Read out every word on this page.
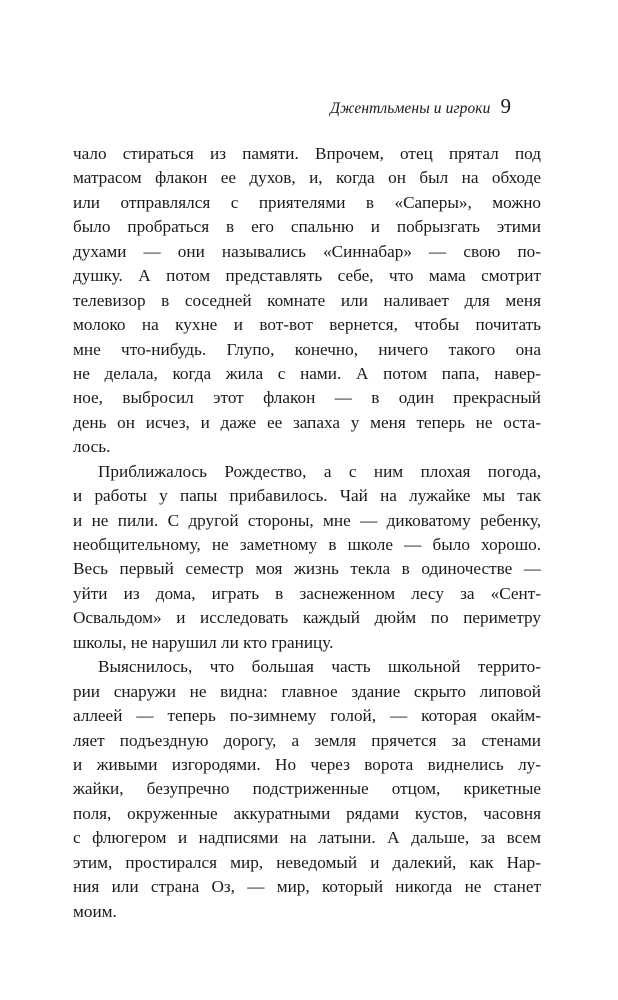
Джентльмены и игроки 9
чало стираться из памяти. Впрочем, отец прятал под
матрасом флакон ее духов, и, когда он был на обходе
или отправлялся с приятелями в «Саперы», можно
было пробраться в его спальню и побрызгать этими
духами — они назывались «Синнабар» — свою по-
душку. А потом представлять себе, что мама смотрит
телевизор в соседней комнате или наливает для меня
молоко на кухне и вот-вот вернется, чтобы почитать
мне что-нибудь. Глупо, конечно, ничего такого она
не делала, когда жила с нами. А потом папа, навер-
ное, выбросил этот флакон — в один прекрасный
день он исчез, и даже ее запаха у меня теперь не оста-
лось.
Приближалось Рождество, а с ним плохая погода,
и работы у папы прибавилось. Чай на лужайке мы так
и не пили. С другой стороны, мне — диковатому ребенку,
необщительному, не заметному в школе — было хорошо.
Весь первый семестр моя жизнь текла в одиночестве —
уйти из дома, играть в заснеженном лесу за «Сент-
Освальдом» и исследовать каждый дюйм по периметру
школы, не нарушил ли кто границу.
Выяснилось, что большая часть школьной террито-
рии снаружи не видна: главное здание скрыто липовой
аллеей — теперь по-зимнему голой, — которая окайм-
ляет подъездную дорогу, а земля прячется за стенами
и живыми изгородями. Но через ворота виднелись лу-
жайки, безупречно подстриженные отцом, крикетные
поля, окруженные аккуратными рядами кустов, часовня
с флюгером и надписями на латыни. А дальше, за всем
этим, простирался мир, неведомый и далекий, как Нар-
ния или страна Оз, — мир, который никогда не станет
моим.
